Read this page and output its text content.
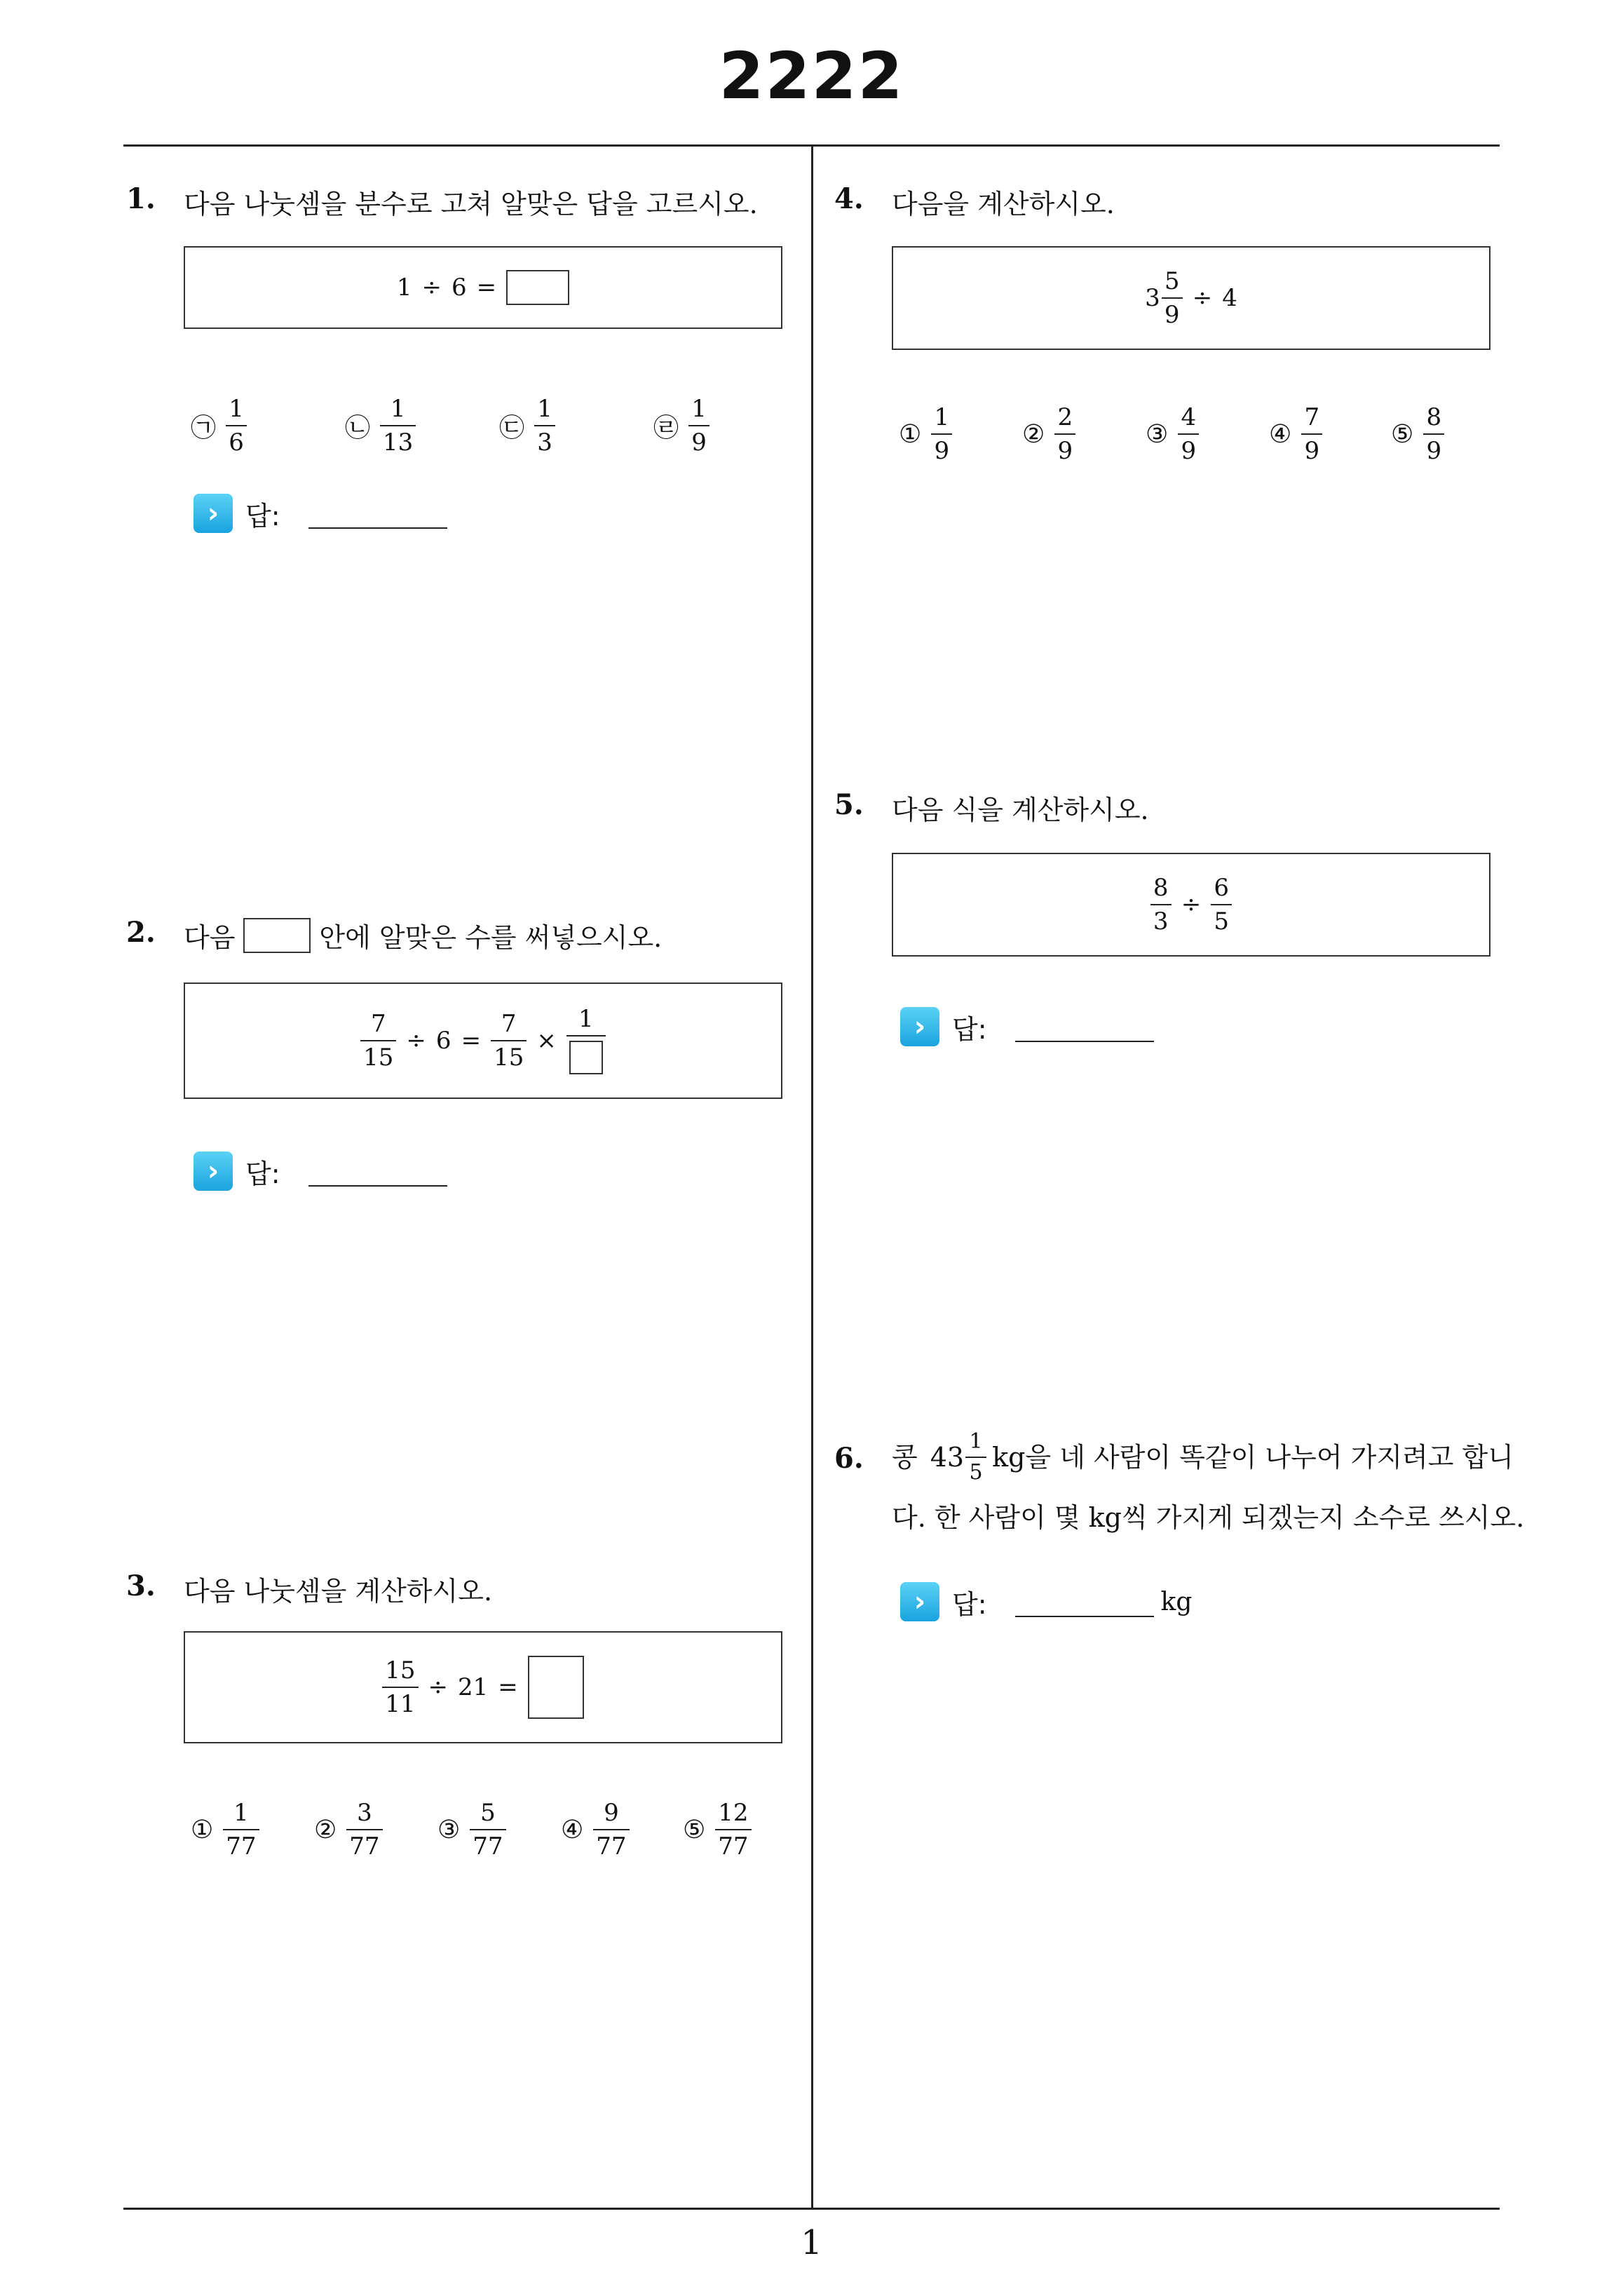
2222
1. 다음 나눗셈을 분수로 고쳐 알맞은 답을 고르시오.
1 ÷ 6 =
㉠ $\frac{1}{6}$	㉡ $\frac{1}{13}$	㉢ $\frac{1}{3}$	㉣ $\frac{1}{9}$
› 답:
2. 다음	안에 알맞은 수를 써넣으시오.
$\frac{7}{15} \div 6 = \frac{7}{15}$ ×
1
› 답:
3. 다음 나눗셈을 계산하시오.
$\frac{15}{11} \div 21$ =
① $\frac{1}{77}$ ② $\frac{3}{77}$ ③ $\frac{5}{77}$ ④ $\frac{9}{77}$ ⑤ $\frac{12}{77}$
4. 다음을 계산하시오.
$3 \frac{5}{9} \div 4$
① $\frac{1}{9}$	② $\frac{2}{9}$	③ $\frac{4}{9}$	④ $\frac{7}{9}$	⑤ $\frac{8}{9}$
5. 다음 식을 계산하시오.
$\frac{8}{3} \div \frac{6}{5}$
› 답:
6. 콩 $43 \frac{1}{5}$ kg을 네 사람이 똑같이 나누어 가지려고 합니
다. 한 사람이 몇 kg씩 가지게 되겠는지 소수로 쓰시오.
› 답:	kg
1
